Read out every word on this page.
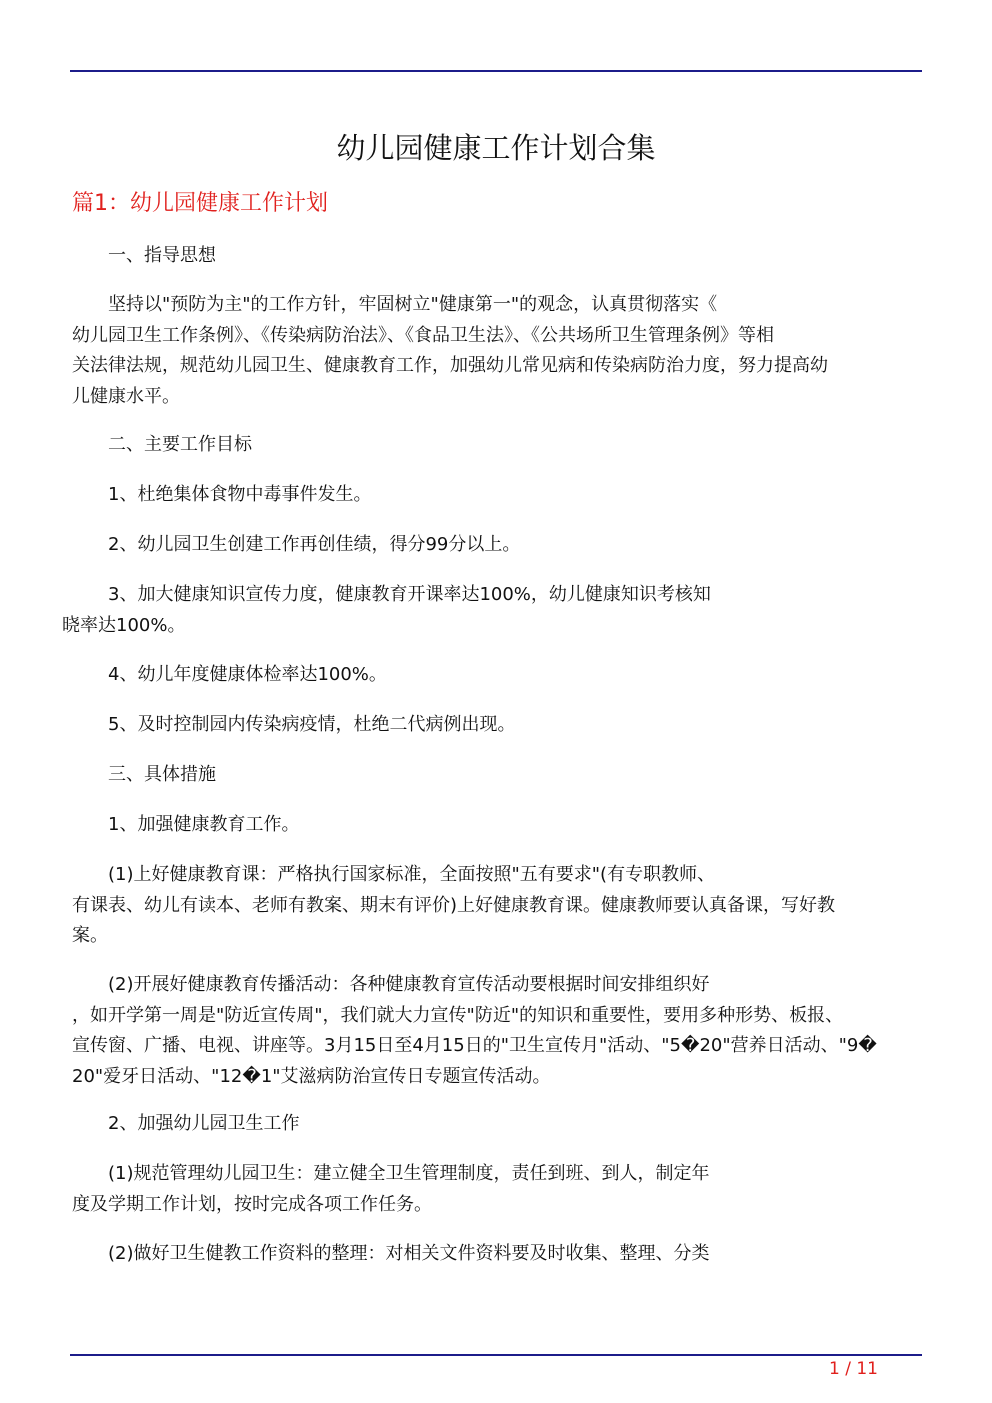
幼儿园健康工作计划合集
篇1：幼儿园健康工作计划
一、指导思想
坚持以"预防为主"的工作方针，牢固树立"健康第一"的观念，认真贯彻落实《
幼儿园卫生工作条例》、《传染病防治法》、《食品卫生法》、《公共场所卫生管理条例》等相
关法律法规，规范幼儿园卫生、健康教育工作，加强幼儿常见病和传染病防治力度，努力提高幼
儿健康水平。
二、主要工作目标
1、杜绝集体食物中毒事件发生。
2、幼儿园卫生创建工作再创佳绩，得分99分以上。
3、加大健康知识宣传力度，健康教育开课率达100%，幼儿健康知识考核知
晓率达100%。
4、幼儿年度健康体检率达100%。
5、及时控制园内传染病疫情，杜绝二代病例出现。
三、具体措施
1、加强健康教育工作。
(1)上好健康教育课：严格执行国家标准，全面按照"五有要求"(有专职教师、
有课表、幼儿有读本、老师有教案、期末有评价)上好健康教育课。健康教师要认真备课，写好教
案。
(2)开展好健康教育传播活动：各种健康教育宣传活动要根据时间安排组织好
，如开学第一周是"防近宣传周"，我们就大力宣传"防近"的知识和重要性，要用多种形势、板报、
宣传窗、广播、电视、讲座等。3月15日至4月15日的"卫生宣传月"活动、"5�20"营养日活动、"9�
20"爱牙日活动、"12�1"艾滋病防治宣传日专题宣传活动。
2、加强幼儿园卫生工作
(1)规范管理幼儿园卫生：建立健全卫生管理制度，责任到班、到人，制定年
度及学期工作计划，按时完成各项工作任务。
(2)做好卫生健教工作资料的整理：对相关文件资料要及时收集、整理、分类
1 / 11
